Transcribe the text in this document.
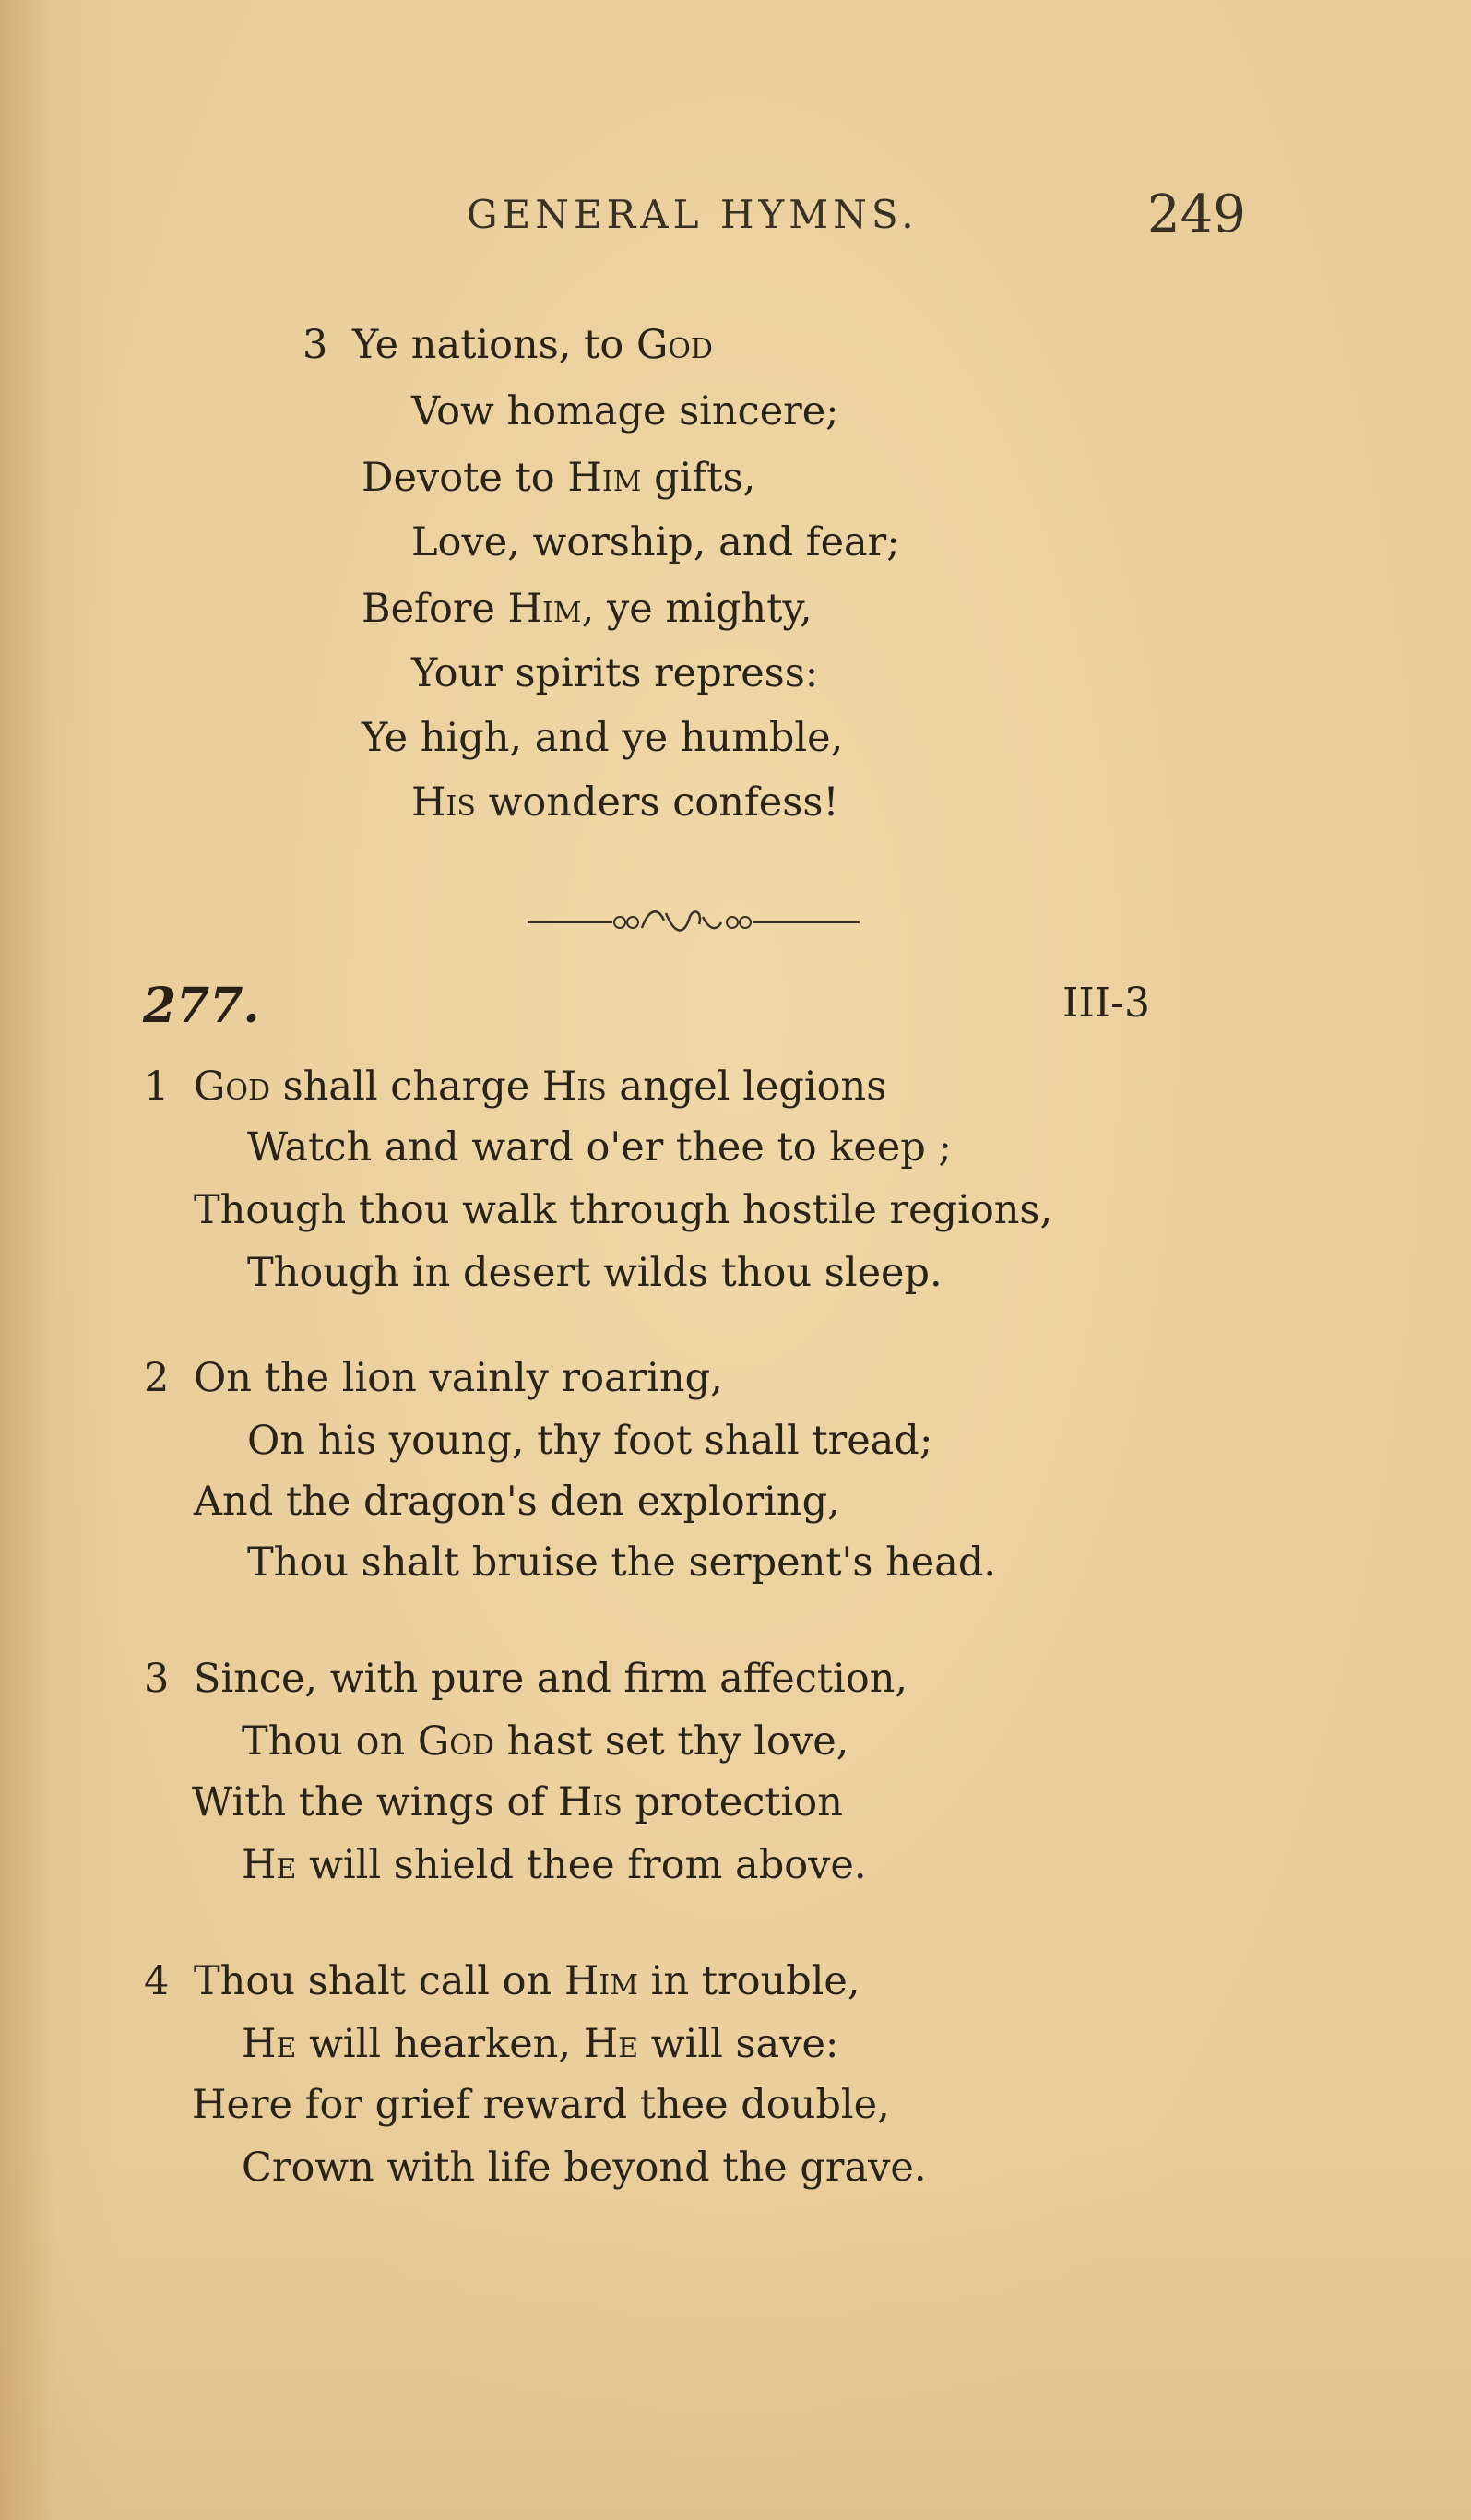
GENERAL HYMNS.	249
3 Ye nations, to God
Vow homage sincere;
Devote to Him gifts,
Love, worship, and fear;
Before Him, ye mighty,
Your spirits repress:
Ye high, and ye humble,
His wonders confess!
277.	III-3
1 God shall charge His angel legions
Watch and ward o'er thee to keep ;
Though thou walk through hostile regions,
Though in desert wilds thou sleep.
2 On the lion vainly roaring,
On his young, thy foot shall tread;
And the dragon's den exploring,
Thou shalt bruise the serpent's head.
3 Since, with pure and firm affection,
Thou on God hast set thy love,
With the wings of His protection
He will shield thee from above.
4 Thou shalt call on Him in trouble,
He will hearken, He will save:
Here for grief reward thee double,
Crown with life beyond the grave.
